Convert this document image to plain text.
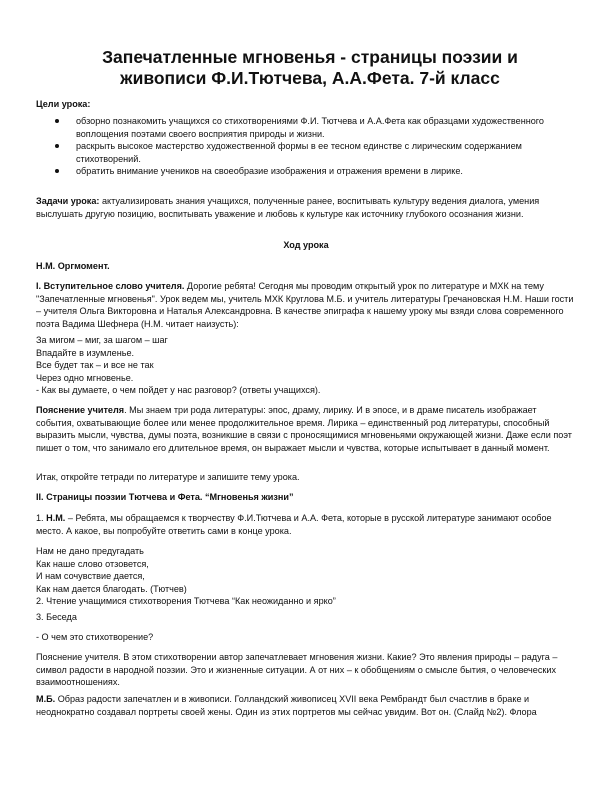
Запечатленные мгновенья - страницы поэзии и
живописи Ф.И.Тютчева, А.А.Фета. 7-й класс
Цели урока:
обзорно познакомить учащихся со стихотворениями Ф.И. Тютчева и А.А.Фета как образцами художественного воплощения поэтами своего восприятия природы и жизни.
раскрыть высокое мастерство художественной формы в ее тесном единстве с лирическим содержанием стихотворений.
обратить внимание учеников на своеобразие изображения и отражения времени в лирике.
Задачи урока: актуализировать знания учащихся, полученные ранее, воспитывать культуру ведения диалога, умения выслушать другую позицию, воспитывать уважение и любовь к культуре как источнику глубокого осознания жизни.
Ход урока
Н.М. Оргмомент.
I. Вступительное слово учителя. Дорогие ребята! Сегодня мы проводим открытый урок по литературе и МХК на тему "Запечатленные мгновенья". Урок ведем мы, учитель МХК Круглова М.Б. и учитель литературы Гречановская Н.М. Наши гости – учителя Ольга Викторовна и Наталья Александровна. В качестве эпиграфа к нашему уроку мы взяди слова современного поэта Вадима Шефнера (Н.М. читает наизусть):
За мигом – миг, за шагом – шаг
Впадайте в изумленье.
Все будет так – и все не так
Через одно мгновенье.
- Как вы думаете, о чем пойдет у нас разговор? (ответы учащихся).
Пояснение учителя. Мы знаем три рода литературы: эпос, драму, лирику. И в эпосе, и в драме писатель изображает события, охватывающие более или менее продолжительное время. Лирика – единственный род литературы, способный выразить мысли, чувства, думы поэта, возникшие в связи с проносящимися мгновеньями окружающей жизни. Даже если поэт пишет о том, что занимало его длительное время, он выражает мысли и чувства, которые испытывает в данный момент.
Итак, откройте тетради по литературе и запишите тему урока.
II. Страницы поэзии Тютчева и Фета. “Мгновенья жизни”
1. Н.М. – Ребята, мы обращаемся к творчеству Ф.И.Тютчева и А.А. Фета, которые в русской литературе занимают особое место. А какое, вы попробуйте ответить сами в конце урока.
Нам не дано предугадать
Как наше слово отзовется,
И нам сочувствие дается,
Как нам дается благодать. (Тютчев)
2. Чтение учащимися стихотворения Тютчева “Как неожиданно и ярко”
3. Беседа
- О чем это стихотворение?
Пояснение учителя. В этом стихотворении автор запечатлевает мгновения жизни. Какие? Это явления природы – радуга – символ радости в народной поэзии. Это и жизненные ситуации. А от них – к обобщениям о смысле бытия, о человеческих взаимоотношениях.
М.Б. Образ радости запечатлен и в живописи. Голландский живописец XVII века Рембрандт был счастлив в браке и неоднократно создавал портреты своей жены. Один из этих портретов мы сейчас увидим. Вот он. (Слайд №2). Флора
